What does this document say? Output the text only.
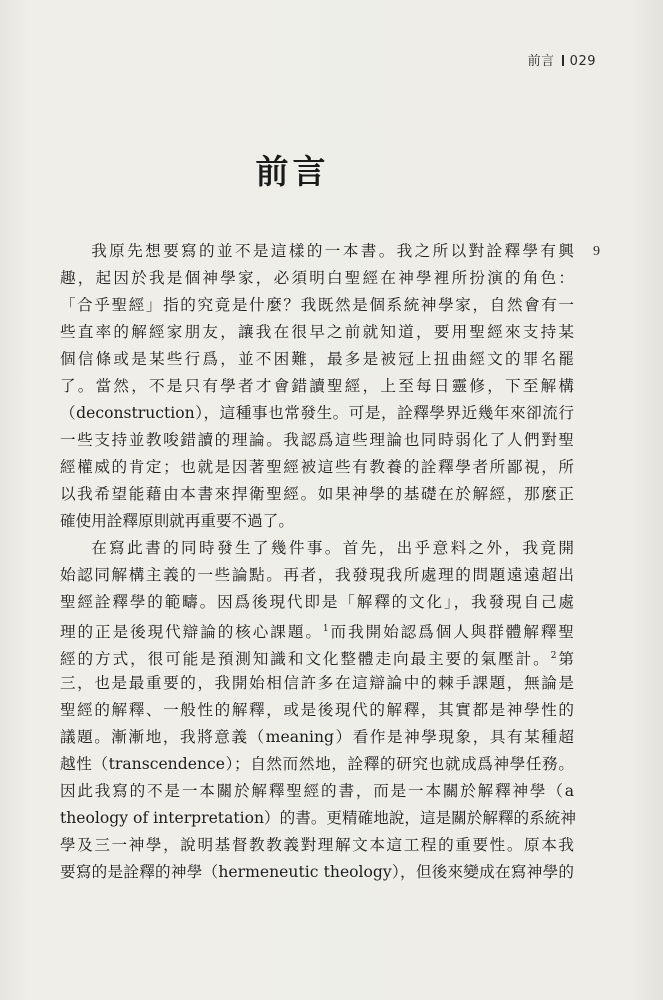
前言 029
前言
9
我原先想要寫的並不是這樣的一本書。我之所以對詮釋學有興
趣，起因於我是個神學家，必須明白聖經在神學裡所扮演的角色：
「合乎聖經」指的究竟是什麼？我既然是個系統神學家，自然會有一
些直率的解經家朋友，讓我在很早之前就知道，要用聖經來支持某
個信條或是某些行爲，並不困難，最多是被冠上扭曲經文的罪名罷
了。當然，不是只有學者才會錯讀聖經，上至每日靈修，下至解構
（deconstruction），這種事也常發生。可是，詮釋學界近幾年來卻流行
一些支持並教唆錯讀的理論。我認爲這些理論也同時弱化了人們對聖
經權威的肯定；也就是因著聖經被這些有教養的詮釋學者所鄙視，所
以我希望能藉由本書來捍衛聖經。如果神學的基礎在於解經，那麼正
確使用詮釋原則就再重要不過了。
在寫此書的同時發生了幾件事。首先，出乎意料之外，我竟開
始認同解構主義的一些論點。再者，我發現我所處理的問題遠遠超出
聖經詮釋學的範疇。因爲後現代即是「解釋的文化」，我發現自己處
理的正是後現代辯論的核心課題。$^1$而我開始認爲個人與群體解釋聖
經的方式，很可能是預測知識和文化整體走向最主要的氣壓計。$^2$第
三，也是最重要的，我開始相信許多在這辯論中的棘手課題，無論是
聖經的解釋、一般性的解釋，或是後現代的解釋，其實都是神學性的
議題。漸漸地，我將意義（meaning）看作是神學現象，具有某種超
越性（transcendence）；自然而然地，詮釋的研究也就成爲神學任務。
因此我寫的不是一本關於解釋聖經的書，而是一本關於解釋神學（a
theology of interpretation）的書。更精確地說，這是關於解釋的系統神
學及三一神學，說明基督教教義對理解文本這工程的重要性。原本我
要寫的是詮釋的神學（hermeneutic theology），但後來變成在寫神學的
